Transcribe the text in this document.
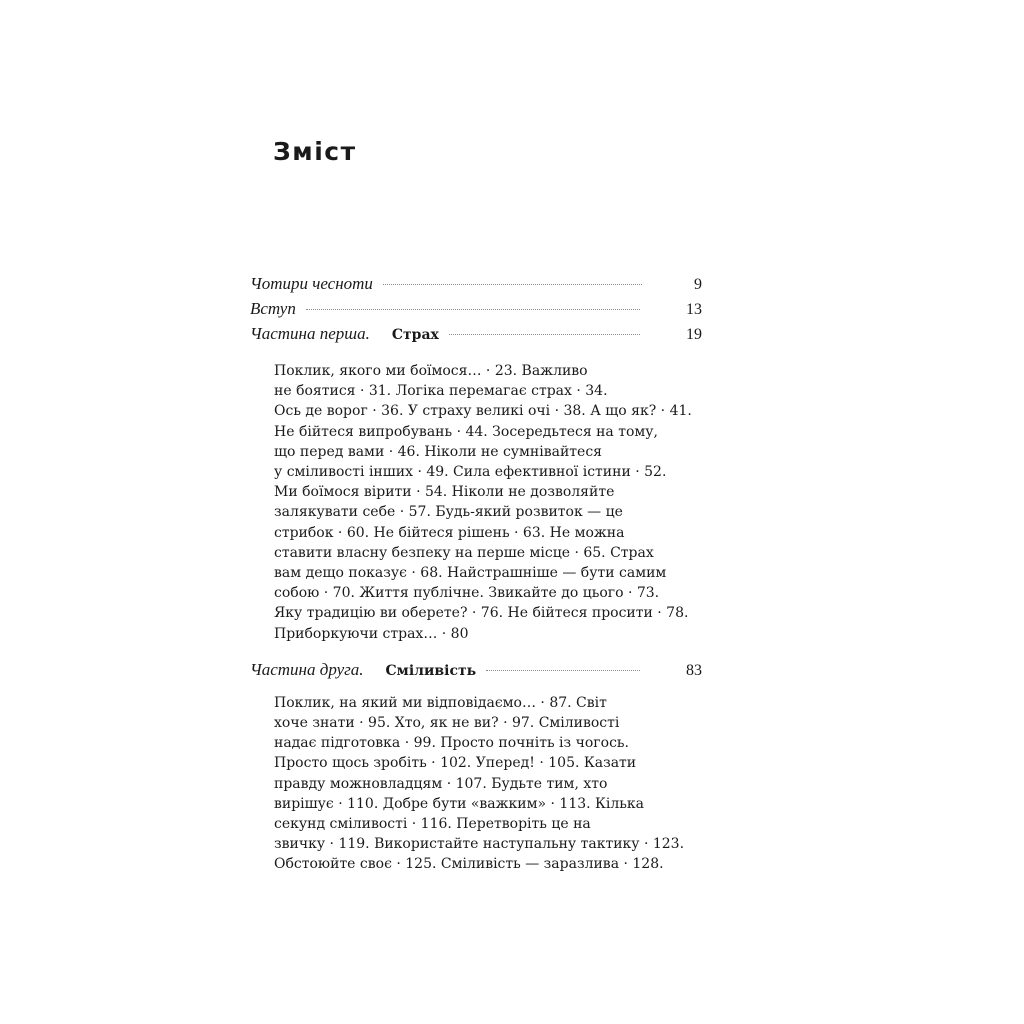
Зміст
Чотири чесноти	9
Вступ	13
Частина перша. Страх	19
Поклик, якого ми боїмося… · 23. Важливо
не боятися · 31. Логіка перемагає страх · 34.
Ось де ворог · 36. У страху великі очі · 38. А що як? · 41.
Не бійтеся випробувань · 44. Зосередьтеся на тому,
що перед вами · 46. Ніколи не сумнівайтеся
у сміливості інших · 49. Сила ефективної істини · 52.
Ми боїмося вірити · 54. Ніколи не дозволяйте
залякувати себе · 57. Будь-який розвиток — це
стрибок · 60. Не бійтеся рішень · 63. Не можна
ставити власну безпеку на перше місце · 65. Страх
вам дещо показує · 68. Найстрашніше — бути самим
собою · 70. Життя публічне. Звикайте до цього · 73.
Яку традицію ви оберете? · 76. Не бійтеся просити · 78.
Приборкуючи страх… · 80
Частина друга. Сміливість	83
Поклик, на який ми відповідаємо… · 87. Світ
хоче знати · 95. Хто, як не ви? · 97. Сміливості
надає підготовка · 99. Просто почніть із чогось.
Просто щось зробіть · 102. Уперед! · 105. Казати
правду можновладцям · 107. Будьте тим, хто
вирішує · 110. Добре бути «важким» · 113. Кілька
секунд сміливості · 116. Перетворіть це на
звичку · 119. Використайте наступальну тактику · 123.
Обстоюйте своє · 125. Сміливість — заразлива · 128.
